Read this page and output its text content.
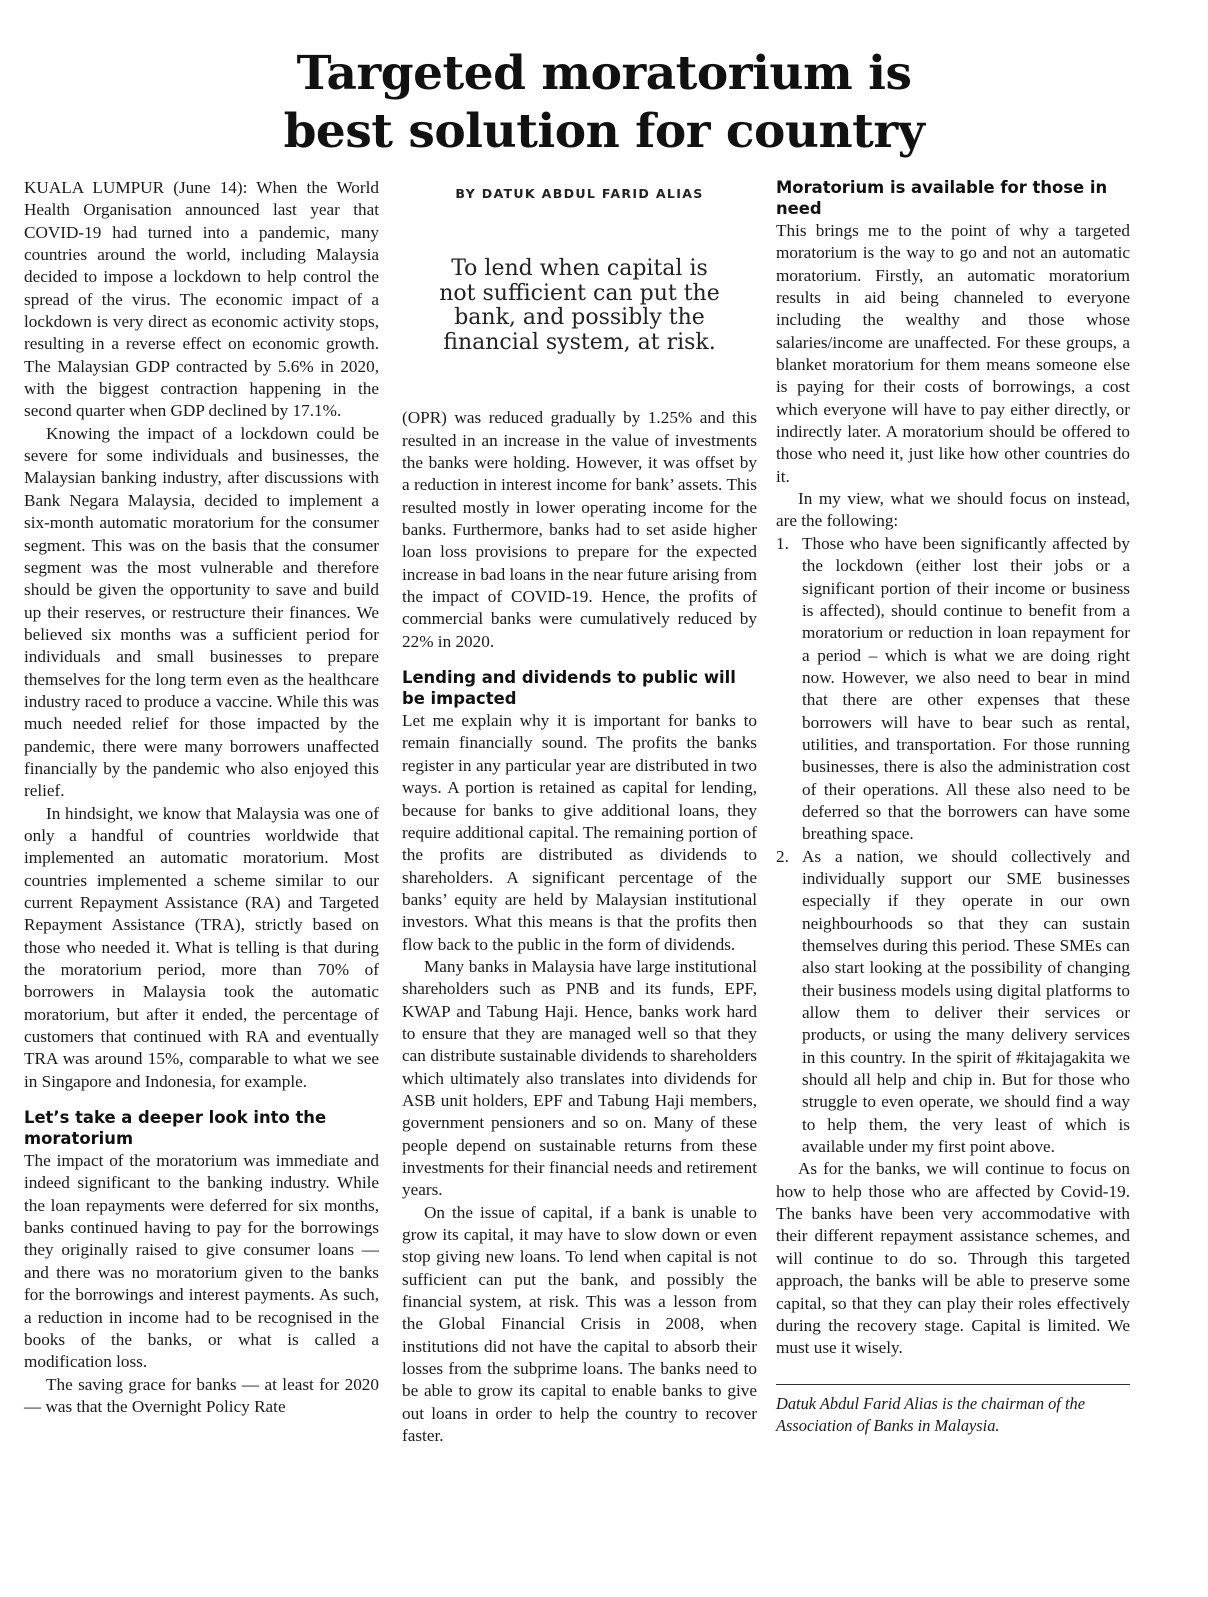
Targeted moratorium is
best solution for country

KUALA LUMPUR (June 14): When the World Health Organisation announced last year that COVID-19 had turned into a pandemic, many countries around the world, including Malaysia decided to impose a lockdown to help control the spread of the virus. The economic impact of a lockdown is very direct as economic activity stops, resulting in a reverse effect on economic growth. The Malaysian GDP contracted by 5.6% in 2020, with the biggest contraction happening in the second quarter when GDP declined by 17.1%.

Knowing the impact of a lockdown could be severe for some individuals and businesses, the Malaysian banking industry, after discussions with Bank Negara Malaysia, decided to implement a six-month automatic moratorium for the consumer segment. This was on the basis that the consumer segment was the most vulnerable and therefore should be given the opportunity to save and build up their reserves, or restructure their finances. We believed six months was a sufficient period for individuals and small businesses to prepare themselves for the long term even as the healthcare industry raced to produce a vaccine. While this was much needed relief for those impacted by the pandemic, there were many borrowers unaffected financially by the pandemic who also enjoyed this relief.

In hindsight, we know that Malaysia was one of only a handful of countries worldwide that implemented an automatic moratorium. Most countries implemented a scheme similar to our current Repayment Assistance (RA) and Targeted Repayment Assistance (TRA), strictly based on those who needed it. What is telling is that during the moratorium period, more than 70% of borrowers in Malaysia took the automatic moratorium, but after it ended, the percentage of customers that continued with RA and eventually TRA was around 15%, comparable to what we see in Singapore and Indonesia, for example.

Let’s take a deeper look into the moratorium

The impact of the moratorium was immediate and indeed significant to the banking industry. While the loan repayments were deferred for six months, banks continued having to pay for the borrowings they originally raised to give consumer loans — and there was no moratorium given to the banks for the borrowings and interest payments. As such, a reduction in income had to be recognised in the books of the banks, or what is called a modification loss.

The saving grace for banks — at least for 2020 — was that the Overnight Policy Rate

BY DATUK ABDUL FARID ALIAS
To lend when capital is
not sufficient can put the
bank, and possibly the
financial system, at risk.

(OPR) was reduced gradually by 1.25% and this resulted in an increase in the value of investments the banks were holding. However, it was offset by a reduction in interest income for bank’ assets. This resulted mostly in lower operating income for the banks. Furthermore, banks had to set aside higher loan loss provisions to prepare for the expected increase in bad loans in the near future arising from the impact of COVID-19. Hence, the profits of commercial banks were cumulatively reduced by 22% in 2020.

Lending and dividends to public will be impacted

Let me explain why it is important for banks to remain financially sound. The profits the banks register in any particular year are distributed in two ways. A portion is retained as capital for lending, because for banks to give additional loans, they require additional capital. The remaining portion of the profits are distributed as dividends to shareholders. A significant percentage of the banks’ equity are held by Malaysian institutional investors. What this means is that the profits then flow back to the public in the form of dividends.

Many banks in Malaysia have large institutional shareholders such as PNB and its funds, EPF, KWAP and Tabung Haji. Hence, banks work hard to ensure that they are managed well so that they can distribute sustainable dividends to shareholders which ultimately also translates into dividends for ASB unit holders, EPF and Tabung Haji members, government pensioners and so on. Many of these people depend on sustainable returns from these investments for their financial needs and retirement years.

On the issue of capital, if a bank is unable to grow its capital, it may have to slow down or even stop giving new loans. To lend when capital is not sufficient can put the bank, and possibly the financial system, at risk. This was a lesson from the Global Financial Crisis in 2008, when institutions did not have the capital to absorb their losses from the subprime loans. The banks need to be able to grow its capital to enable banks to give out loans in order to help the country to recover faster.

Moratorium is available for those in need

This brings me to the point of why a targeted moratorium is the way to go and not an automatic moratorium. Firstly, an automatic moratorium results in aid being channeled to everyone including the wealthy and those whose salaries/income are unaffected. For these groups, a blanket moratorium for them means someone else is paying for their costs of borrowings, a cost which everyone will have to pay either directly, or indirectly later. A moratorium should be offered to those who need it, just like how other countries do it.

In my view, what we should focus on instead, are the following:

1. Those who have been significantly affected by the lockdown (either lost their jobs or a significant portion of their income or business is affected), should continue to benefit from a moratorium or reduction in loan repayment for a period – which is what we are doing right now. However, we also need to bear in mind that there are other expenses that these borrowers will have to bear such as rental, utilities, and transportation. For those running businesses, there is also the administration cost of their operations. All these also need to be deferred so that the borrowers can have some breathing space.
2. As a nation, we should collectively and individually support our SME businesses especially if they operate in our own neighbourhoods so that they can sustain themselves during this period. These SMEs can also start looking at the possibility of changing their business models using digital platforms to allow them to deliver their services or products, or using the many delivery services in this country. In the spirit of #kitajagakita we should all help and chip in. But for those who struggle to even operate, we should find a way to help them, the very least of which is available under my first point above.

As for the banks, we will continue to focus on how to help those who are affected by Covid-19. The banks have been very accommodative with their different repayment assistance schemes, and will continue to do so. Through this targeted approach, the banks will be able to preserve some capital, so that they can play their roles effectively during the recovery stage. Capital is limited. We must use it wisely.

Datuk Abdul Farid Alias is the chairman of the Association of Banks in Malaysia.
